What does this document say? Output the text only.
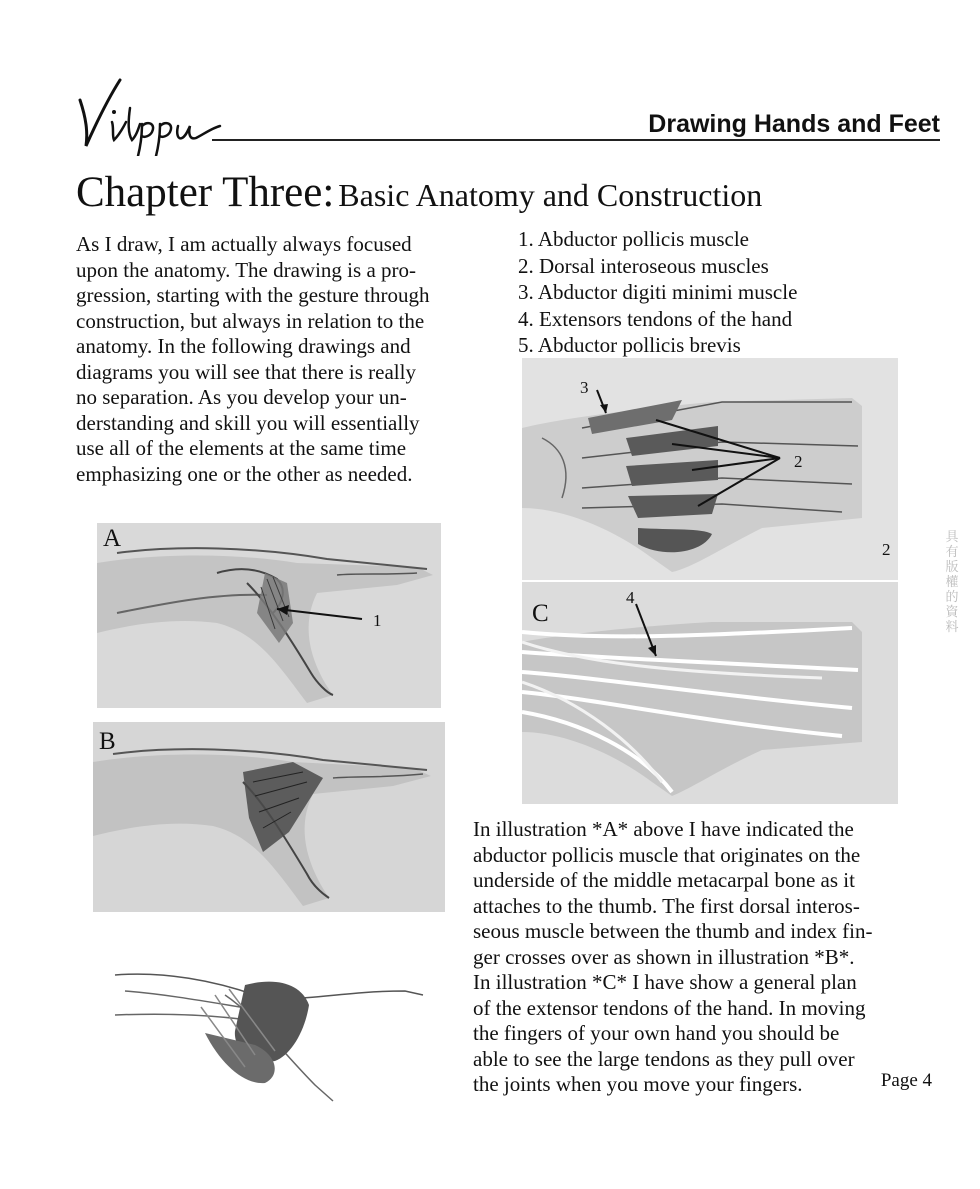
Drawing Hands and Feet
Chapter Three: Basic Anatomy and Construction
As I draw, I am actually always focused
upon the anatomy. The drawing is a pro-
gression, starting with the gesture through
construction, but always in relation to the
anatomy. In the following drawings and
diagrams you will see that there is really
no separation. As you develop your un-
derstanding and skill you will essentially
use all of the elements at the same time
emphasizing one or the other as needed.
1. Abductor pollicis muscle
2. Dorsal interoseous muscles
3. Abductor digiti minimi muscle
4. Extensors tendons of the hand
5. Abductor pollicis brevis
A
1
B
3
2
2
C
4
In illustration *A* above I have indicated the
abductor pollicis muscle that originates on the
underside of the middle metacarpal bone as it
attaches to the thumb. The first dorsal interos-
seous muscle between the thumb and index fin-
ger crosses over as shown in illustration *B*.
In illustration *C* I have show a general plan
of the extensor tendons of the hand. In moving
the fingers of your own hand you should be
able to see the large tendons as they pull over
the joints when you move your fingers.
具
有
版
權
的
資
料
Page 4
